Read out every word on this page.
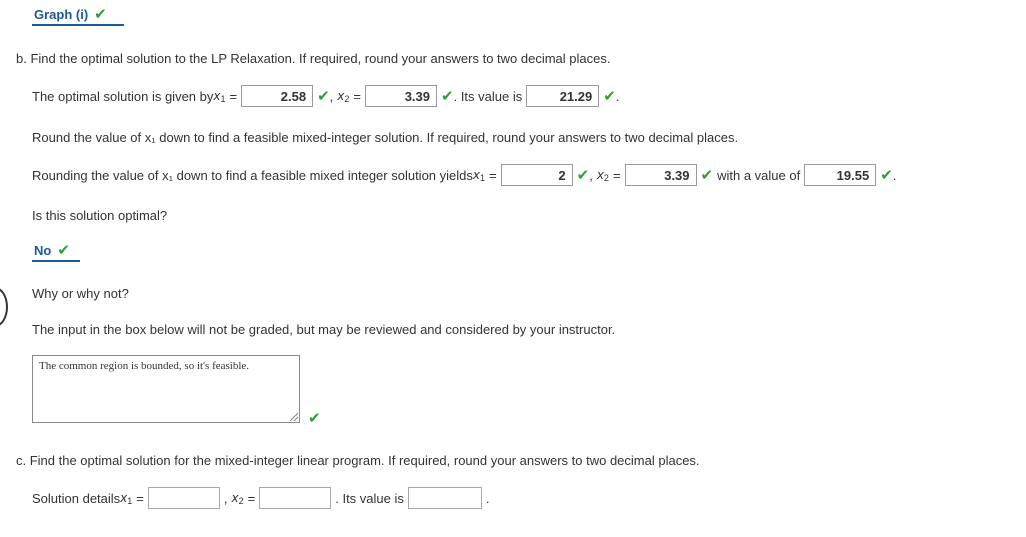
Graph (i) ✔
b. Find the optimal solution to the LP Relaxation. If required, round your answers to two decimal places.
The optimal solution is given by x 1 =	2.58 ✔ , x 2 =	3.39 ✔ . Its value is	21.29 ✔ .
Round the value of x₁ down to find a feasible mixed-integer solution. If required, round your answers to two decimal places.
Rounding the value of x₁ down to find a feasible mixed integer solution yields x 1 =	2 ✔ , x 2 =	3.39 ✔ with a value of	19.55 ✔ .
Is this solution optimal?
No ✔
Why or why not?
The input in the box below will not be graded, but may be reviewed and considered by your instructor.
The common region is bounded, so it's feasible.
✔
c. Find the optimal solution for the mixed-integer linear program. If required, round your answers to two decimal places.
Solution details x 1 =	, x 2 =	. Its value is	.
